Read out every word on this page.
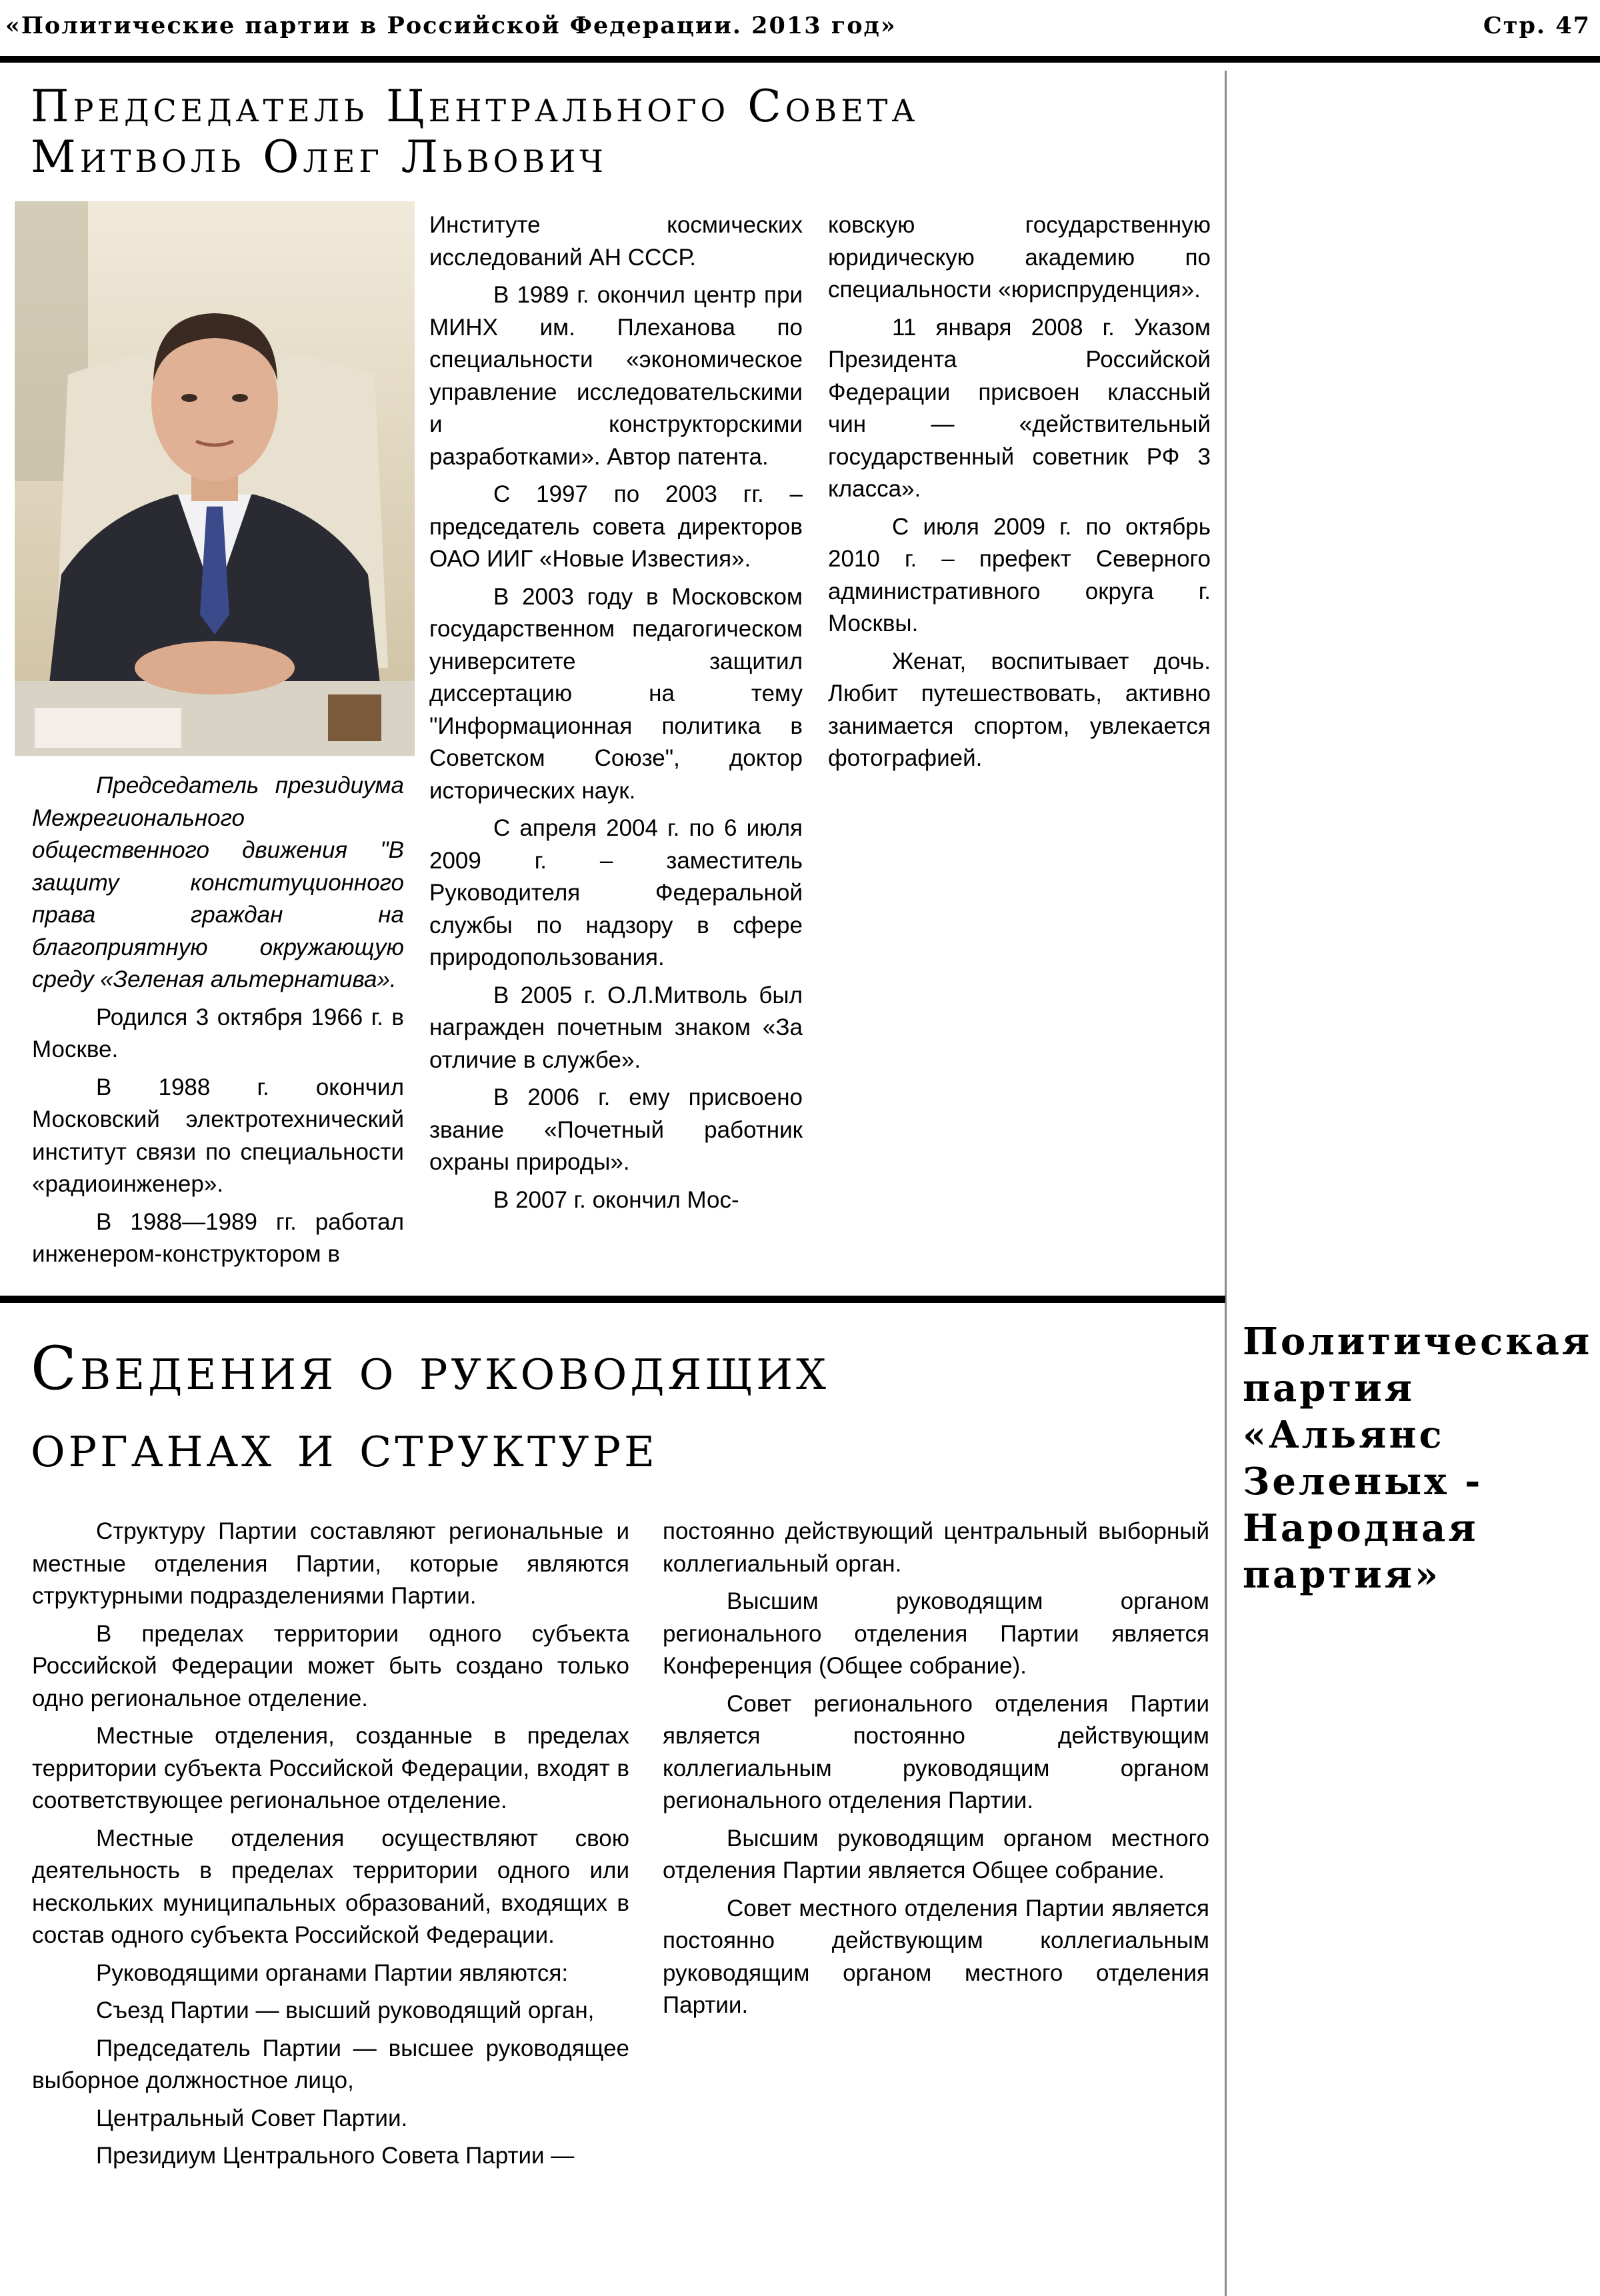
«Политические партии в Российской Федерации. 2013 год»	Стр. 47
Председатель Центрального Совета
Митволь Олег Львович

Председатель президиума Межрегионального общественного движения "В защиту конституционного права граждан на благоприятную окружающую среду «Зеленая альтернатива».

Родился 3 октября 1966 г. в Москве.

В 1988 г. окончил Московский электротехнический институт связи по специальности «радиоинженер».

В 1988—1989 гг. работал инженером-конструктором в

Институте космических исследований АН СССР.

В 1989 г. окончил центр при МИНХ им. Плеханова по специальности «экономическое управление исследовательскими и конструкторскими разработками». Автор патента.

С 1997 по 2003 гг. – председатель совета директоров ОАО ИИГ «Новые Известия».

В 2003 году в Московском государственном педагогическом университете защитил диссертацию на тему "Информационная политика в Советском Союзе", доктор исторических наук.

С апреля 2004 г. по 6 июля 2009 г. – заместитель Руководителя Федеральной службы по надзору в сфере природопользования.

В 2005 г. О.Л.Митволь был награжден почетным знаком «За отличие в службе».

В 2006 г. ему присвоено звание «Почетный работник охраны природы».

В 2007 г. окончил Мос-

ковскую государственную юридическую академию по специальности «юриспруденция».

11 января 2008 г. Указом Президента Российской Федерации присвоен классный чин — «действительный государственный советник РФ 3 класса».

С июля 2009 г. по октябрь 2010 г. – префект Северного административного округа г. Москвы.

Женат, воспитывает дочь. Любит путешествовать, активно занимается спортом, увлекается фотографией.

Сведения о руководящих
органах и структуре

Структуру Партии составляют региональные и местные отделения Партии, которые являются структурными подразделениями Партии.

В пределах территории одного субъекта Российской Федерации может быть создано только одно региональное отделение.

Местные отделения, созданные в пределах территории субъекта Российской Федерации, входят в соответствующее региональное отделение.

Местные отделения осуществляют свою деятельность в пределах территории одного или нескольких муниципальных образований, входящих в состав одного субъекта Российской Федерации.

Руководящими органами Партии являются:

Съезд Партии — высший руководящий орган,

Председатель Партии — высшее руководящее выборное должностное лицо,

Центральный Совет Партии.

Президиум Центрального Совета Партии —

постоянно действующий центральный выборный коллегиальный орган.

Высшим руководящим органом регионального отделения Партии является Конференция (Общее собрание).

Совет регионального отделения Партии является постоянно действующим коллегиальным руководящим органом регионального отделения Партии.

Высшим руководящим органом местного отделения Партии является Общее собрание.

Совет местного отделения Партии является постоянно действующим коллегиальным руководящим органом местного отделения Партии.

Политическая
партия
«Альянс
Зеленых -
Народная
партия»
